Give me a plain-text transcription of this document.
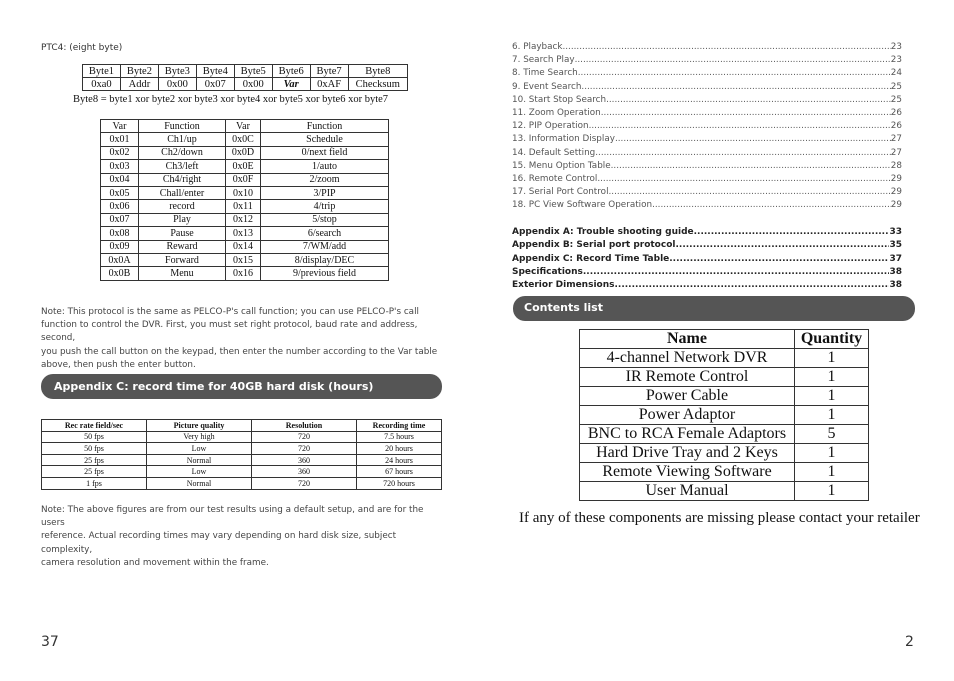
PTC4: (eight byte)
Byte1	Byte2	Byte3	Byte4	Byte5	Byte6	Byte7	Byte8
0xa0	Addr	0x00	0x07	0x00	Var	0xAF	Checksum
Byte8 = byte1 xor byte2 xor byte3 xor byte4 xor byte5 xor byte6 xor byte7
Var	Function	Var	Function
0x01	Ch1/up	0x0C	Schedule
0x02	Ch2/down	0x0D	0/next field
0x03	Ch3/left	0x0E	1/auto
0x04	Ch4/right	0x0F	2/zoom
0x05	Chall/enter	0x10	3/PIP
0x06	record	0x11	4/trip
0x07	Play	0x12	5/stop
0x08	Pause	0x13	6/search
0x09	Reward	0x14	7/WM/add
0x0A	Forward	0x15	8/display/DEC
0x0B	Menu	0x16	9/previous field
Note: This protocol is the same as PELCO-P's call function; you can use PELCO-P's call
function to control the DVR. First, you must set right protocol, baud rate and address, second,
you push the call button on the keypad, then enter the number according to the Var table
above, then push the enter button.
Appendix C: record time for 40GB hard disk (hours)
Rec rate field/sec	Picture quality	Resolution	Recording time
50 fps	Very high	720	7.5 hours
50 fps	Low	720	20 hours
25 fps	Normal	360	24 hours
25 fps	Low	360	67 hours
1 fps	Normal	720	720 hours
Note: The above figures are from our test results using a default setup, and are for the users
reference. Actual recording times may vary depending on hard disk size, subject complexity,
camera resolution and movement within the frame.
37
6. Playback .....	23
7. Search Play .....	23
8. Time Search .....	24
9. Event Search .....	25
10. Start Stop Search .....	25
11. Zoom Operation .....	26
12. PIP Operation .....	26
13. Information Display .....	27
14. Default Setting .....	27
15. Menu Option Table .....	28
16. Remote Control .....	29
17. Serial Port Control .....	29
18. PC View Software Operation .....	29
Appendix A: Trouble shooting guide .....	33
Appendix B: Serial port protocol .....	35
Appendix C: Record Time Table .....	37
Specifications .....	38
Exterior Dimensions .....	38
Contents list
Name	Quantity
4-channel Network DVR	1
IR Remote Control	1
Power Cable	1
Power Adaptor	1
BNC to RCA Female Adaptors	5
Hard Drive Tray and 2 Keys	1
Remote Viewing Software	1
User Manual	1
If any of these components are missing please contact your retailer
2
